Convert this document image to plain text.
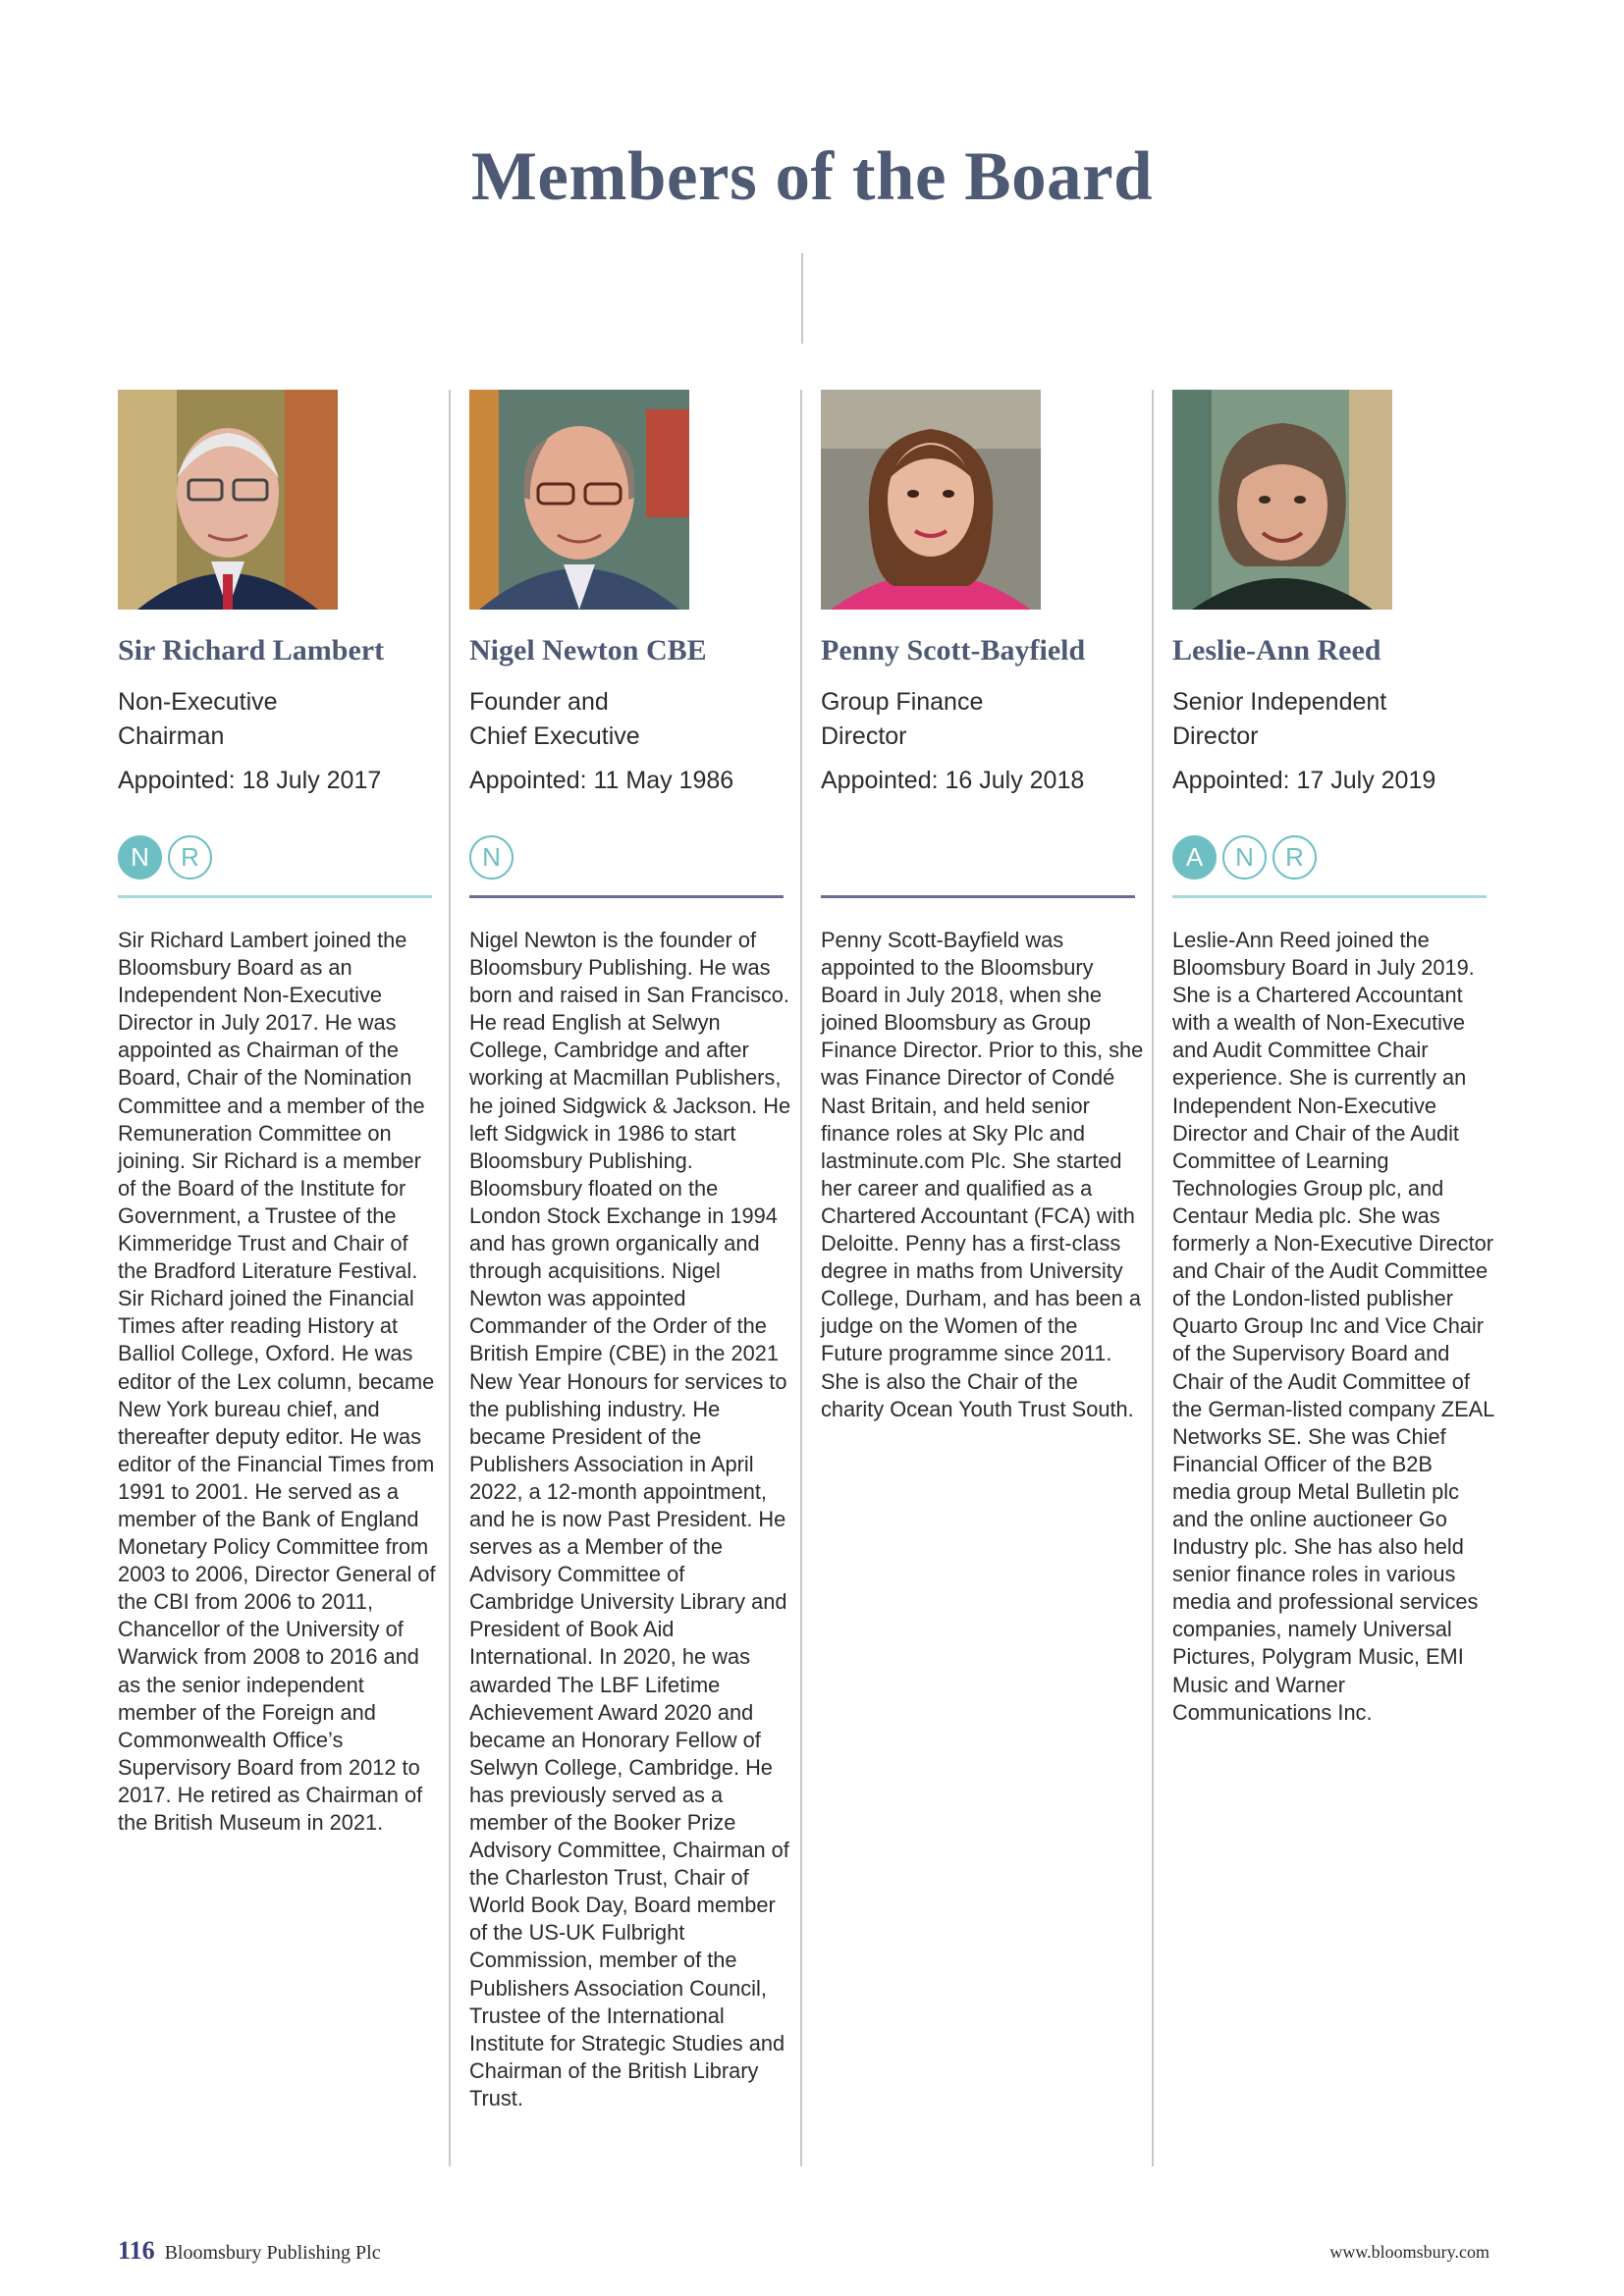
Members of the Board
Sir Richard Lambert
Non-Executive
Chairman
Appointed: 18 July 2017
N	R
Sir Richard Lambert joined the Bloomsbury Board as an Independent Non-Executive Director in July 2017. He was appointed as Chairman of the Board, Chair of the Nomination Committee and a member of the Remuneration Committee on joining. Sir Richard is a member of the Board of the Institute for Government, a Trustee of the Kimmeridge Trust and Chair of the Bradford Literature Festival. Sir Richard joined the Financial Times after reading History at Balliol College, Oxford. He was editor of the Lex column, became New York bureau chief, and thereafter deputy editor. He was editor of the Financial Times from 1991 to 2001. He served as a member of the Bank of England Monetary Policy Committee from 2003 to 2006, Director General of the CBI from 2006 to 2011, Chancellor of the University of Warwick from 2008 to 2016 and as the senior independent member of the Foreign and Commonwealth Office’s Supervisory Board from 2012 to 2017. He retired as Chairman of the British Museum in 2021.
Nigel Newton CBE
Founder and
Chief Executive
Appointed: 11 May 1986
N
Nigel Newton is the founder of Bloomsbury Publishing. He was born and raised in San Francisco. He read English at Selwyn College, Cambridge and after working at Macmillan Publishers, he joined Sidgwick & Jackson. He left Sidgwick in 1986 to start Bloomsbury Publishing. Bloomsbury floated on the London Stock Exchange in 1994 and has grown organically and through acquisitions. Nigel Newton was appointed Commander of the Order of the British Empire (CBE) in the 2021 New Year Honours for services to the publishing industry. He became President of the Publishers Association in April 2022, a 12-month appointment, and he is now Past President. He serves as a Member of the Advisory Committee of Cambridge University Library and President of Book Aid International. In 2020, he was awarded The LBF Lifetime Achievement Award 2020 and became an Honorary Fellow of Selwyn College, Cambridge. He has previously served as a member of the Booker Prize Advisory Committee, Chairman of the Charleston Trust, Chair of World Book Day, Board member of the US-UK Fulbright Commission, member of the Publishers Association Council, Trustee of the International Institute for Strategic Studies and Chairman of the British Library Trust.
Penny Scott-Bayfield
Group Finance
Director
Appointed: 16 July 2018
Penny Scott-Bayfield was appointed to the Bloomsbury Board in July 2018, when she joined Bloomsbury as Group Finance Director. Prior to this, she was Finance Director of Condé Nast Britain, and held senior finance roles at Sky Plc and lastminute.com Plc. She started her career and qualified as a Chartered Accountant (FCA) with Deloitte. Penny has a first-class degree in maths from University College, Durham, and has been a judge on the Women of the Future programme since 2011. She is also the Chair of the charity Ocean Youth Trust South.
Leslie-Ann Reed
Senior Independent
Director
Appointed: 17 July 2019
A	N	R
Leslie-Ann Reed joined the Bloomsbury Board in July 2019. She is a Chartered Accountant with a wealth of Non-Executive and Audit Committee Chair experience. She is currently an Independent Non-Executive Director and Chair of the Audit Committee of Learning Technologies Group plc, and Centaur Media plc. She was formerly a Non-Executive Director and Chair of the Audit Committee of the London-listed publisher Quarto Group Inc and Vice Chair of the Supervisory Board and Chair of the Audit Committee of the German-listed company ZEAL Networks SE. She was Chief Financial Officer of the B2B media group Metal Bulletin plc and the online auctioneer Go Industry plc. She has also held senior finance roles in various media and professional services companies, namely Universal Pictures, Polygram Music, EMI Music and Warner Communications Inc.
116 Bloomsbury Publishing Plc	www.bloomsbury.com
